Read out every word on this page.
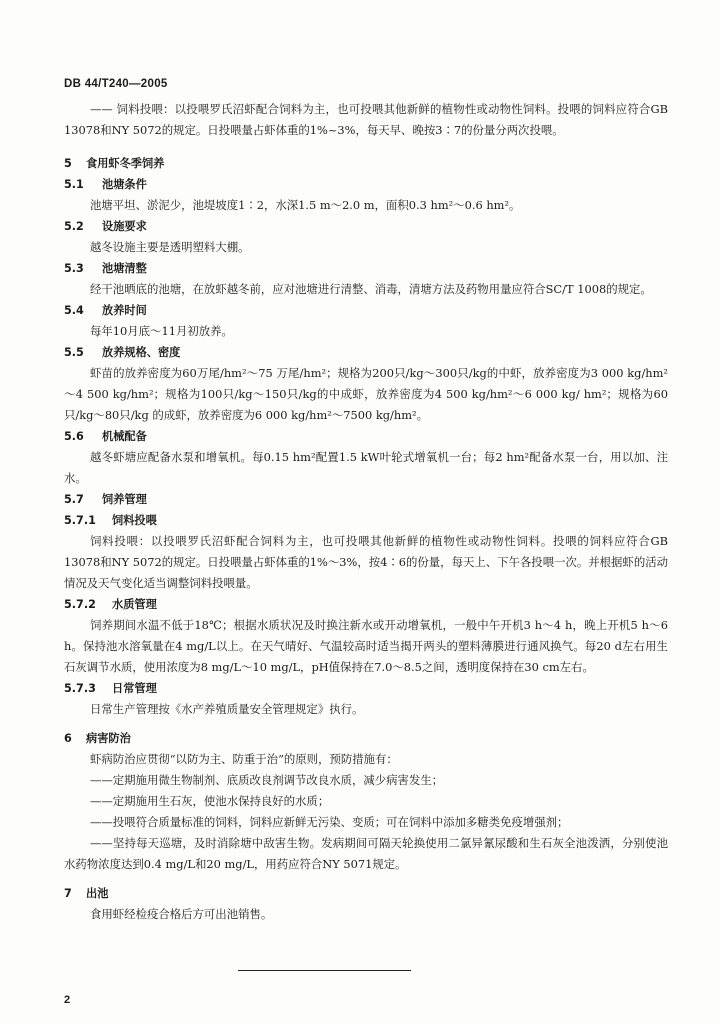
DB 44/T240—2005

—— 饲料投喂：以投喂罗氏沼虾配合饲料为主，也可投喂其他新鲜的植物性或动物性饲料。投喂的饲料应符合GB 13078和NY 5072的规定。日投喂量占虾体重的1%~3%，每天早、晚按3∶7的份量分两次投喂。

5 食用虾冬季饲养
5.1 池塘条件

池塘平坦、淤泥少，池堤坡度1∶2，水深1.5 m～2.0 m，面积0.3 hm²～0.6 hm²。

5.2 设施要求

越冬设施主要是透明塑料大棚。

5.3 池塘清整

经干池晒底的池塘，在放虾越冬前，应对池塘进行清整、消毒，清塘方法及药物用量应符合SC/T 1008的规定。

5.4 放养时间

每年10月底～11月初放养。

5.5 放养规格、密度

虾苗的放养密度为60万尾/hm²～75 万尾/hm²；规格为200只/kg～300只/kg的中虾，放养密度为3 000 kg/hm²～4 500 kg/hm²；规格为100只/kg～150只/kg的中成虾，放养密度为4 500 kg/hm²～6 000 kg/ hm²；规格为60只/kg～80只/kg 的成虾，放养密度为6 000 kg/hm²～7500 kg/hm²。

5.6 机械配备

越冬虾塘应配备水泵和增氧机。每0.15 hm²配置1.5 kW叶轮式增氧机一台；每2 hm²配备水泵一台，用以加、注水。

5.7 饲养管理
5.7.1 饲料投喂

饲料投喂：以投喂罗氏沼虾配合饲料为主，也可投喂其他新鲜的植物性或动物性饲料。投喂的饲料应符合GB 13078和NY 5072的规定。日投喂量占虾体重的1%～3%，按4∶6的份量，每天上、下午各投喂一次。并根据虾的活动情况及天气变化适当调整饲料投喂量。

5.7.2 水质管理

饲养期间水温不低于18℃；根据水质状况及时换注新水或开动增氧机，一般中午开机3 h～4 h，晚上开机5 h～6 h。保持池水溶氧量在4 mg/L以上。在天气晴好、气温较高时适当揭开两头的塑料薄膜进行通风换气。每20 d左右用生石灰调节水质，使用浓度为8 mg/L～10 mg/L，pH值保持在7.0～8.5之间，透明度保持在30 cm左右。

5.7.3 日常管理

日常生产管理按《水产养殖质量安全管理规定》执行。

6 病害防治

虾病防治应贯彻“以防为主、防重于治”的原则，预防措施有：

——定期施用微生物制剂、底质改良剂调节改良水质，减少病害发生；

——定期施用生石灰，使池水保持良好的水质；

——投喂符合质量标准的饲料，饲料应新鲜无污染、变质；可在饲料中添加多糖类免疫增强剂；

——坚持每天巡塘，及时消除塘中敌害生物。发病期间可隔天轮换使用二氯异氰尿酸和生石灰全池泼洒，分别使池水药物浓度达到0.4 mg/L和20 mg/L，用药应符合NY 5071规定。

7 出池

食用虾经检疫合格后方可出池销售。

2
